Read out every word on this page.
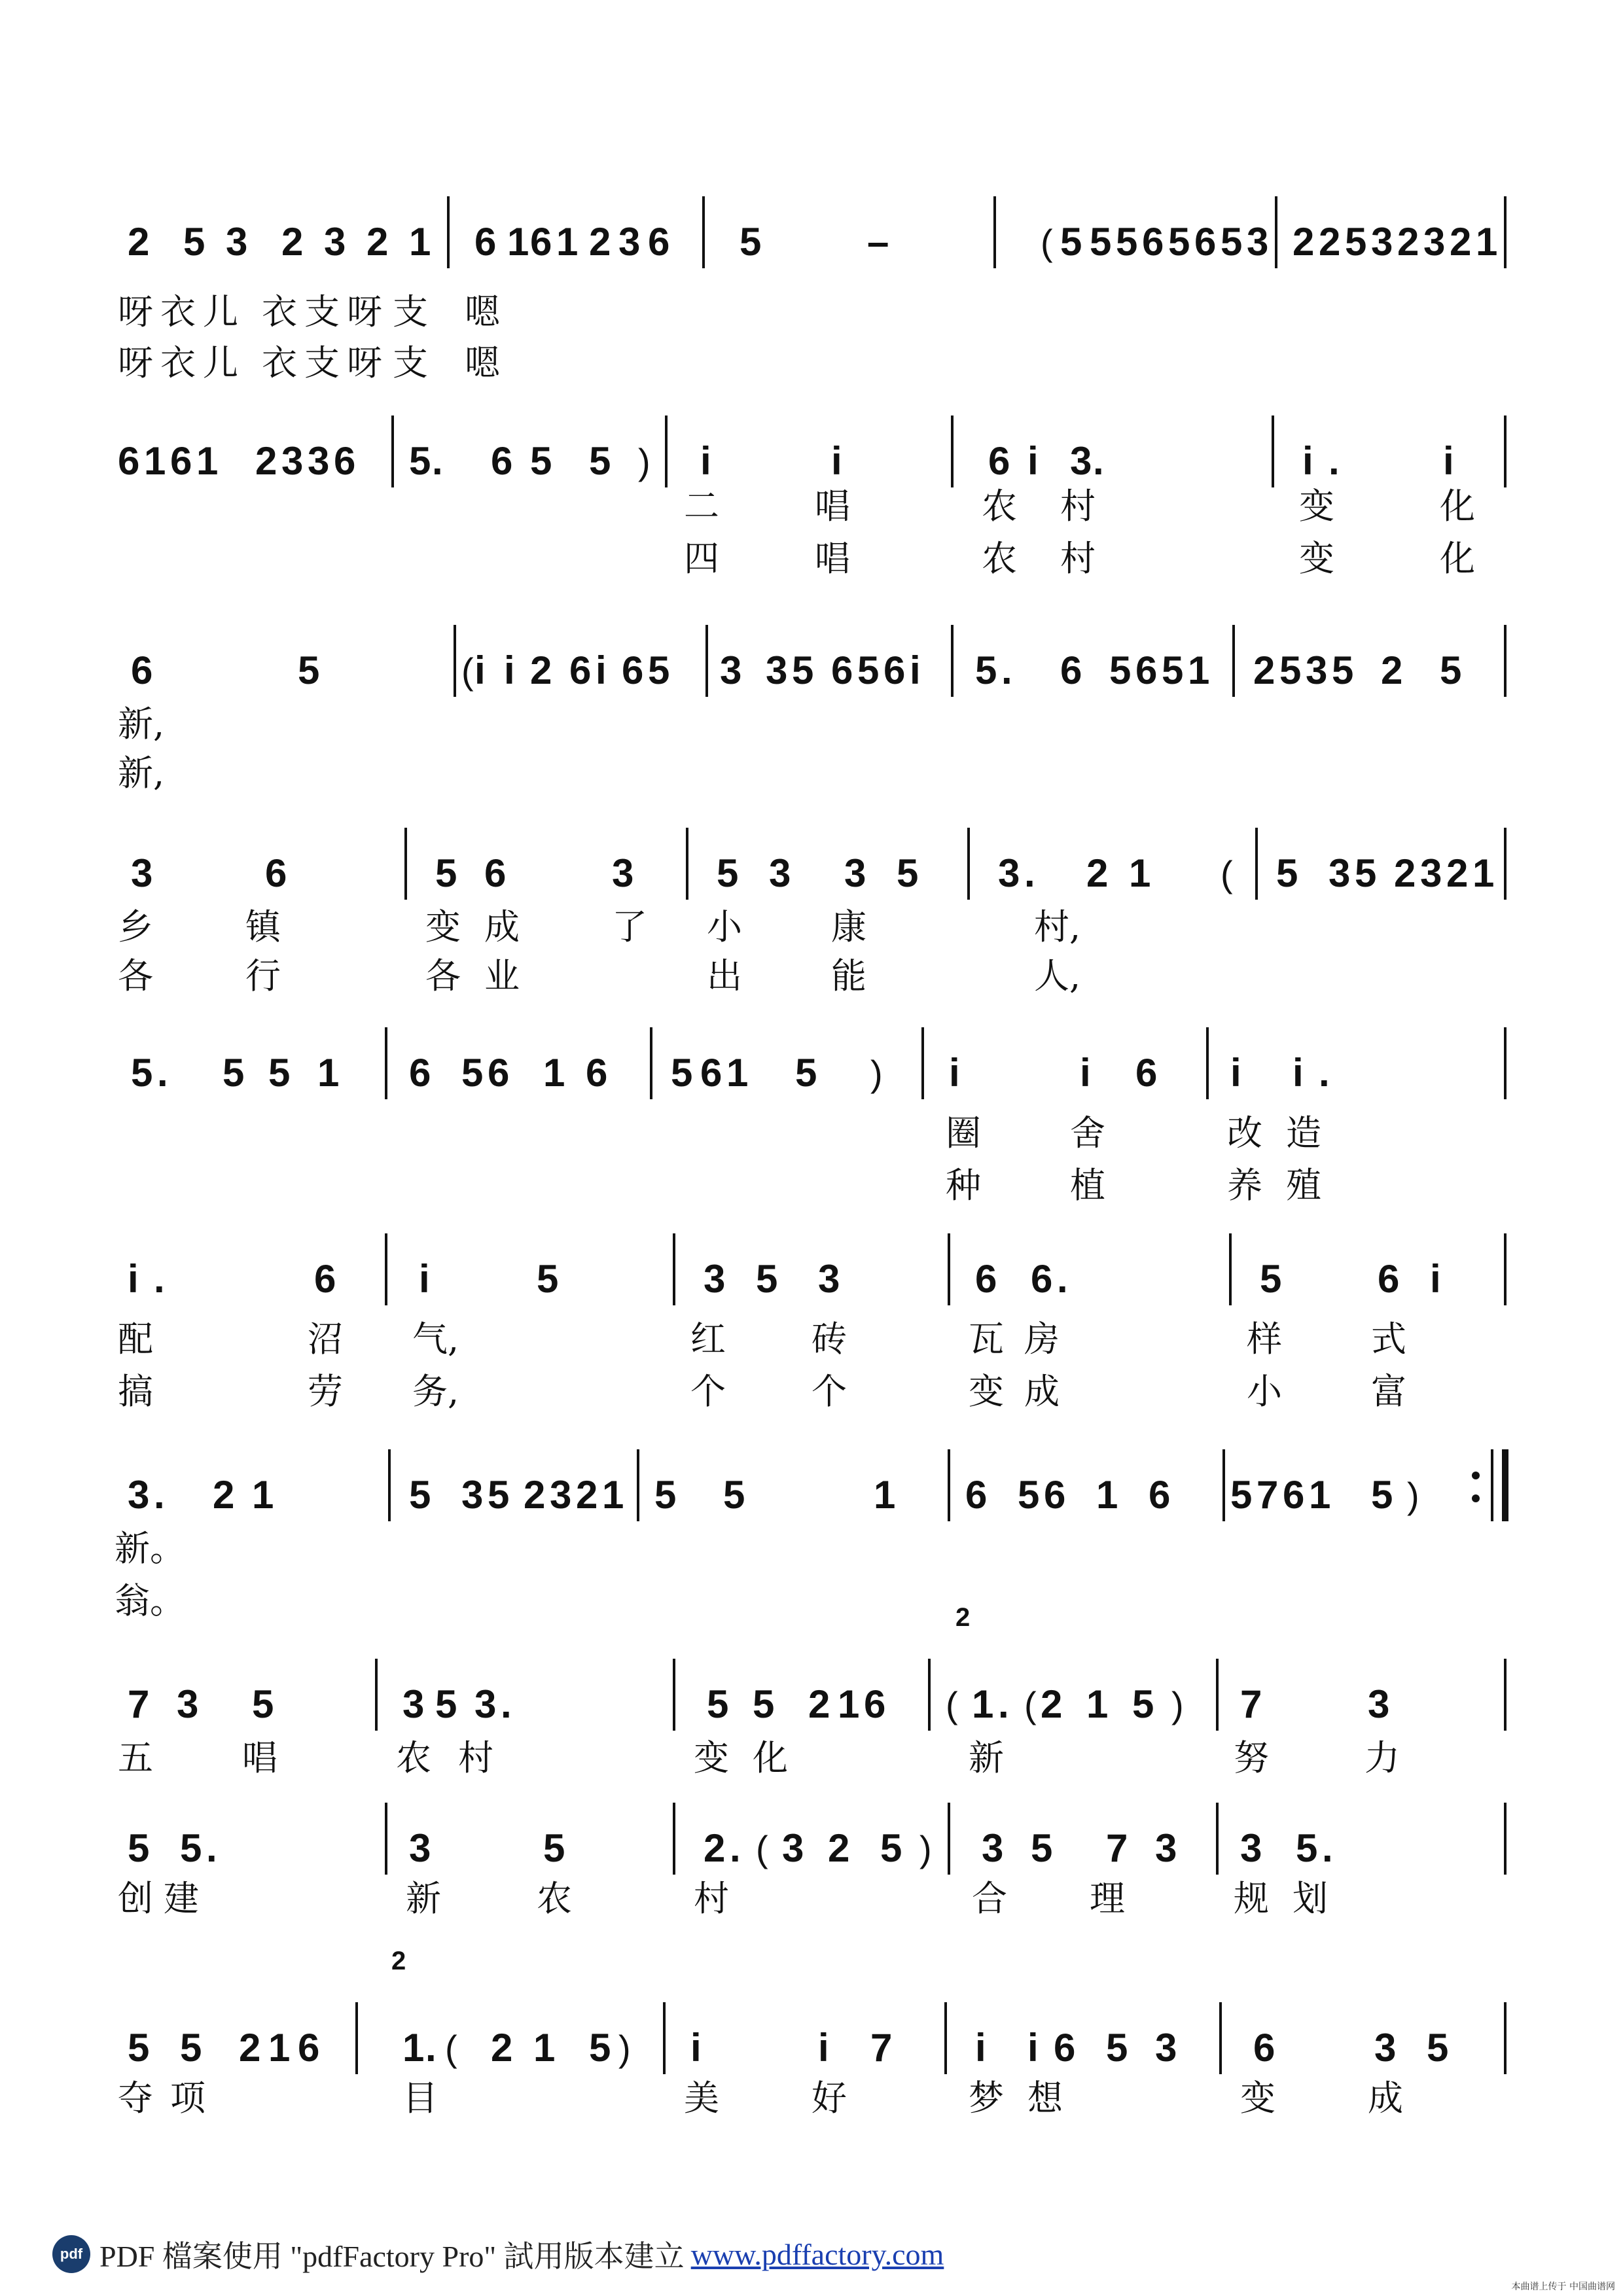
2 5 3 2 3 2 1 6 1 6 1 2 3 6 5	–	5 5 5 6 5 6 5 3 2 2 5 3 2 3 2 1
(
呀 衣 儿 衣 支 呀 支 嗯
呀 衣 儿 衣 支 呀 支 嗯
6 1 6 1 2 3 3 6 5 . 6 5 5 i	i	6 i 3 .	i .	i
)
二	唱	农 村	变	化
四	唱	农 村	变	化
6	5	i i 2 6 i 6 5 3 3 5 6 5 6 i 5 . 6 5 6 5 1 2 5 3 5 2 5
(
新,
新,
3	6	5 6	3 5 3 3 5 3 . 2 1	5 3 5 2 3 2 1
(
乡	镇	变 成	了 小	康	村,
各	行	各 业	出	能	人,
5 . 5 5 1 6 5 6 1 6 5 6 1 5	i	i 6 i i .
)
圈	舍	改 造
种	植	养 殖
i .	6 i	5	3 5 3	6 6 .	5 6 i
配	沼 气,	红 砖	瓦 房	样	式
搞	劳 务,	个 个	变 成	小	富
3 . 2 1	5 3 5 2 3 2 1 5 5	1 6 5 6 1 6 5 7 6 1 5 )
新。
翁。
7 3 5	3 5 3 .	5 5 2 1 6 1 . 2 1 5 7	3
( (	)
2
五	唱	农 村	变 化	新	努	力
5 5 .	3	5	2 . 3 2 5 3 5 7 3 3 5 .
(	)
创 建	新	农	村	合 理	规 划
5 5 2 1 6 1 . 2 1 5 i	i 7 i i 6 5 3 6	3 5
(	)
2
夺 项	目	美	好	梦 想	变	成
pdf PDF 檔案使用 "pdfFactory Pro" 試用版本建立 www.pdffactory.com
本曲谱上传于 中国曲谱网
